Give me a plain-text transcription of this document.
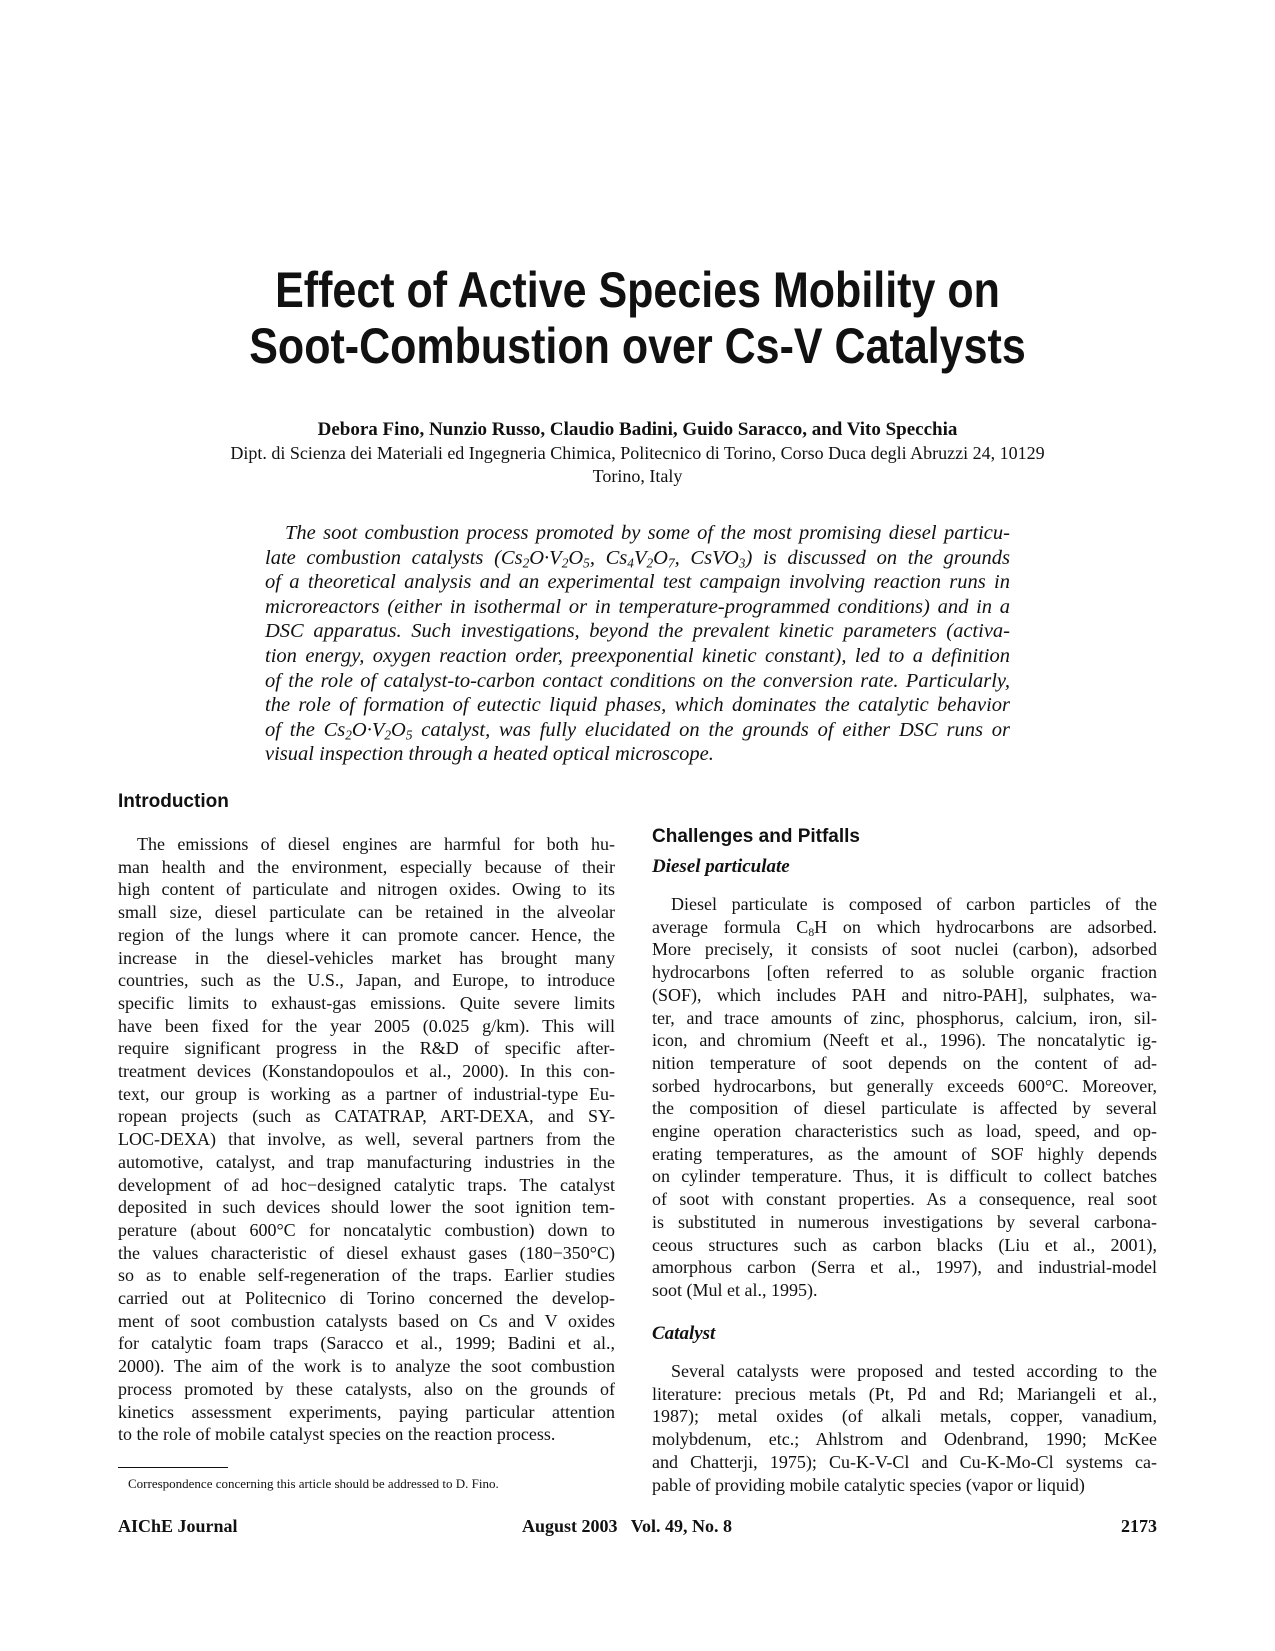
Effect of Active Species Mobility on
Soot-Combustion over Cs-V Catalysts
Debora Fino, Nunzio Russo, Claudio Badini, Guido Saracco, and Vito Specchia
Dipt. di Scienza dei Materiali ed Ingegneria Chimica, Politecnico di Torino, Corso Duca degli Abruzzi 24, 10129
Torino, Italy
The soot combustion process promoted by some of the most promising diesel particu-
late combustion catalysts ($Cs_2O\cdot V_2O_5$, $Cs_4V_2O_7$, CsVO$_3$) is discussed on the grounds
of a theoretical analysis and an experimental test campaign involving reaction runs in
microreactors (either in isothermal or in temperature-programmed conditions) and in a
DSC apparatus. Such investigations, beyond the prevalent kinetic parameters (activa-
tion energy, oxygen reaction order, preexponential kinetic constant), led to a definition
of the role of catalyst-to-carbon contact conditions on the conversion rate. Particularly,
the role of formation of eutectic liquid phases, which dominates the catalytic behavior
of the $Cs_2O\cdot V_2O_5$ catalyst, was fully elucidated on the grounds of either DSC runs or
visual inspection through a heated optical microscope.
Introduction
The emissions of diesel engines are harmful for both hu-
man health and the environment, especially because of their
high content of particulate and nitrogen oxides. Owing to its
small size, diesel particulate can be retained in the alveolar
region of the lungs where it can promote cancer. Hence, the
increase in the diesel-vehicles market has brought many
countries, such as the U.S., Japan, and Europe, to introduce
specific limits to exhaust-gas emissions. Quite severe limits
have been fixed for the year 2005 (0.025 g/km). This will
require significant progress in the R&D of specific after-
treatment devices (Konstandopoulos et al., 2000). In this con-
text, our group is working as a partner of industrial-type Eu-
ropean projects (such as CATATRAP, ART-DEXA, and SY-
LOC-DEXA) that involve, as well, several partners from the
automotive, catalyst, and trap manufacturing industries in the
development of ad hoc−designed catalytic traps. The catalyst
deposited in such devices should lower the soot ignition tem-
perature (about 600°C for noncatalytic combustion) down to
the values characteristic of diesel exhaust gases (180−350°C)
so as to enable self-regeneration of the traps. Earlier studies
carried out at Politecnico di Torino concerned the develop-
ment of soot combustion catalysts based on Cs and V oxides
for catalytic foam traps (Saracco et al., 1999; Badini et al.,
2000). The aim of the work is to analyze the soot combustion
process promoted by these catalysts, also on the grounds of
kinetics assessment experiments, paying particular attention
to the role of mobile catalyst species on the reaction process.
Challenges and Pitfalls
Diesel particulate
Diesel particulate is composed of carbon particles of the
average formula $C_8H$ on which hydrocarbons are adsorbed.
More precisely, it consists of soot nuclei (carbon), adsorbed
hydrocarbons [often referred to as soluble organic fraction
(SOF), which includes PAH and nitro-PAH], sulphates, wa-
ter, and trace amounts of zinc, phosphorus, calcium, iron, sil-
icon, and chromium (Neeft et al., 1996). The noncatalytic ig-
nition temperature of soot depends on the content of ad-
sorbed hydrocarbons, but generally exceeds 600°C. Moreover,
the composition of diesel particulate is affected by several
engine operation characteristics such as load, speed, and op-
erating temperatures, as the amount of SOF highly depends
on cylinder temperature. Thus, it is difficult to collect batches
of soot with constant properties. As a consequence, real soot
is substituted in numerous investigations by several carbona-
ceous structures such as carbon blacks (Liu et al., 2001),
amorphous carbon (Serra et al., 1997), and industrial-model
soot (Mul et al., 1995).
Catalyst
Several catalysts were proposed and tested according to the
literature: precious metals (Pt, Pd and Rd; Mariangeli et al.,
1987); metal oxides (of alkali metals, copper, vanadium,
molybdenum, etc.; Ahlstrom and Odenbrand, 1990; McKee
and Chatterji, 1975); Cu-K-V-Cl and Cu-K-Mo-Cl systems ca-
pable of providing mobile catalytic species (vapor or liquid)
Correspondence concerning this article should be addressed to D. Fino.
AIChE Journal	August 2003   Vol. 49, No. 8	2173
